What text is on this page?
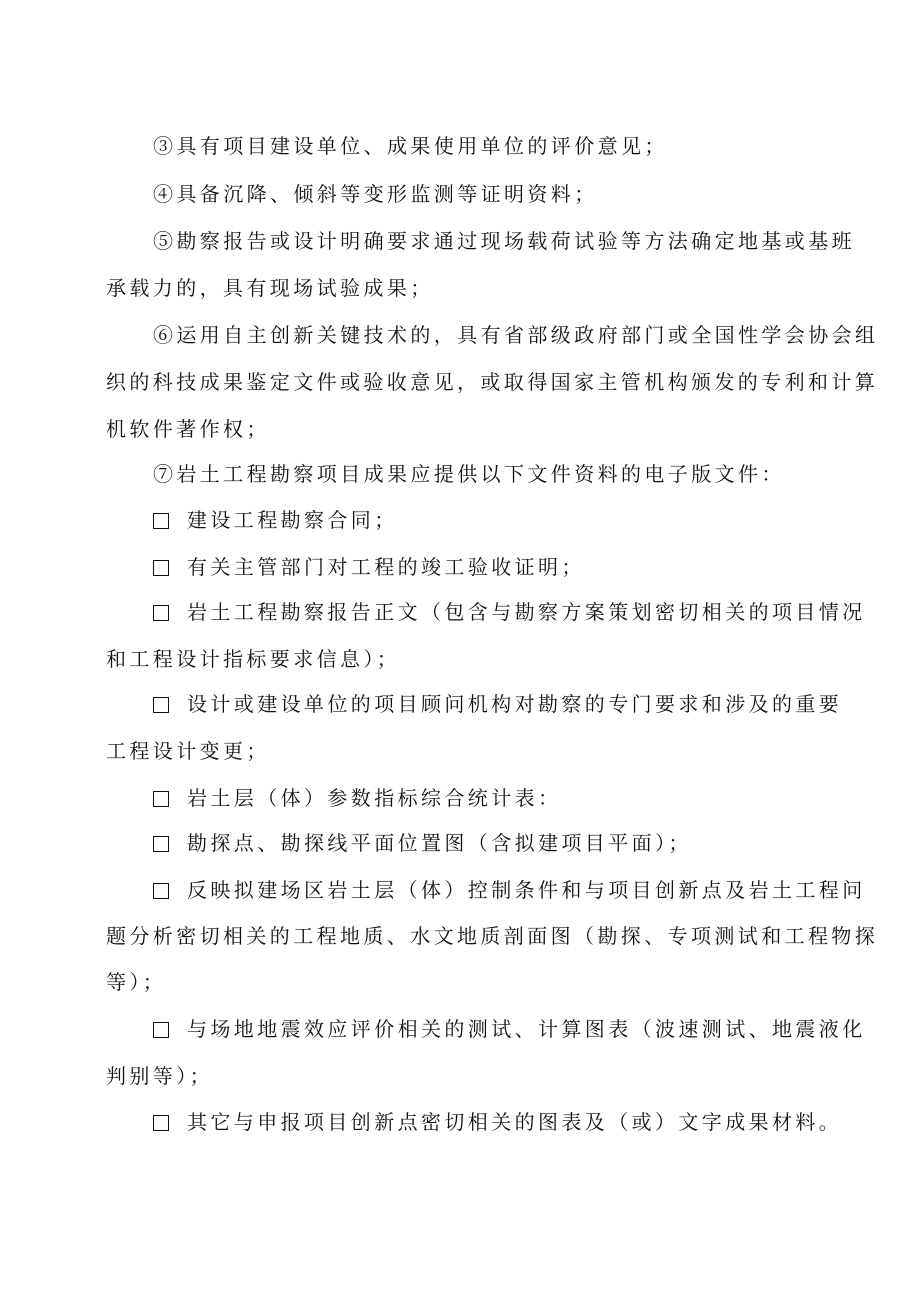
③具有项目建设单位、成果使用单位的评价意见；
④具备沉降、倾斜等变形监测等证明资料；
⑤勘察报告或设计明确要求通过现场载荷试验等方法确定地基或基班
承载力的，具有现场试验成果；
⑥运用自主创新关键技术的，具有省部级政府部门或全国性学会协会组
织的科技成果鉴定文件或验收意见，或取得国家主管机构颁发的专利和计算
机软件著作权；
⑦岩土工程勘察项目成果应提供以下文件资料的电子版文件：
建设工程勘察合同；
有关主管部门对工程的竣工验收证明；
岩土工程勘察报告正文（包含与勘察方案策划密切相关的项目情况
和工程设计指标要求信息）；
设计或建设单位的项目顾问机构对勘察的专门要求和涉及的重要
工程设计变更；
岩土层（体）参数指标综合统计表：
勘探点、勘探线平面位置图（含拟建项目平面）；
反映拟建场区岩土层（体）控制条件和与项目创新点及岩土工程问
题分析密切相关的工程地质、水文地质剖面图（勘探、专项测试和工程物探
等）；
与场地地震效应评价相关的测试、计算图表（波速测试、地震液化
判别等）；
其它与申报项目创新点密切相关的图表及（或）文字成果材料。
